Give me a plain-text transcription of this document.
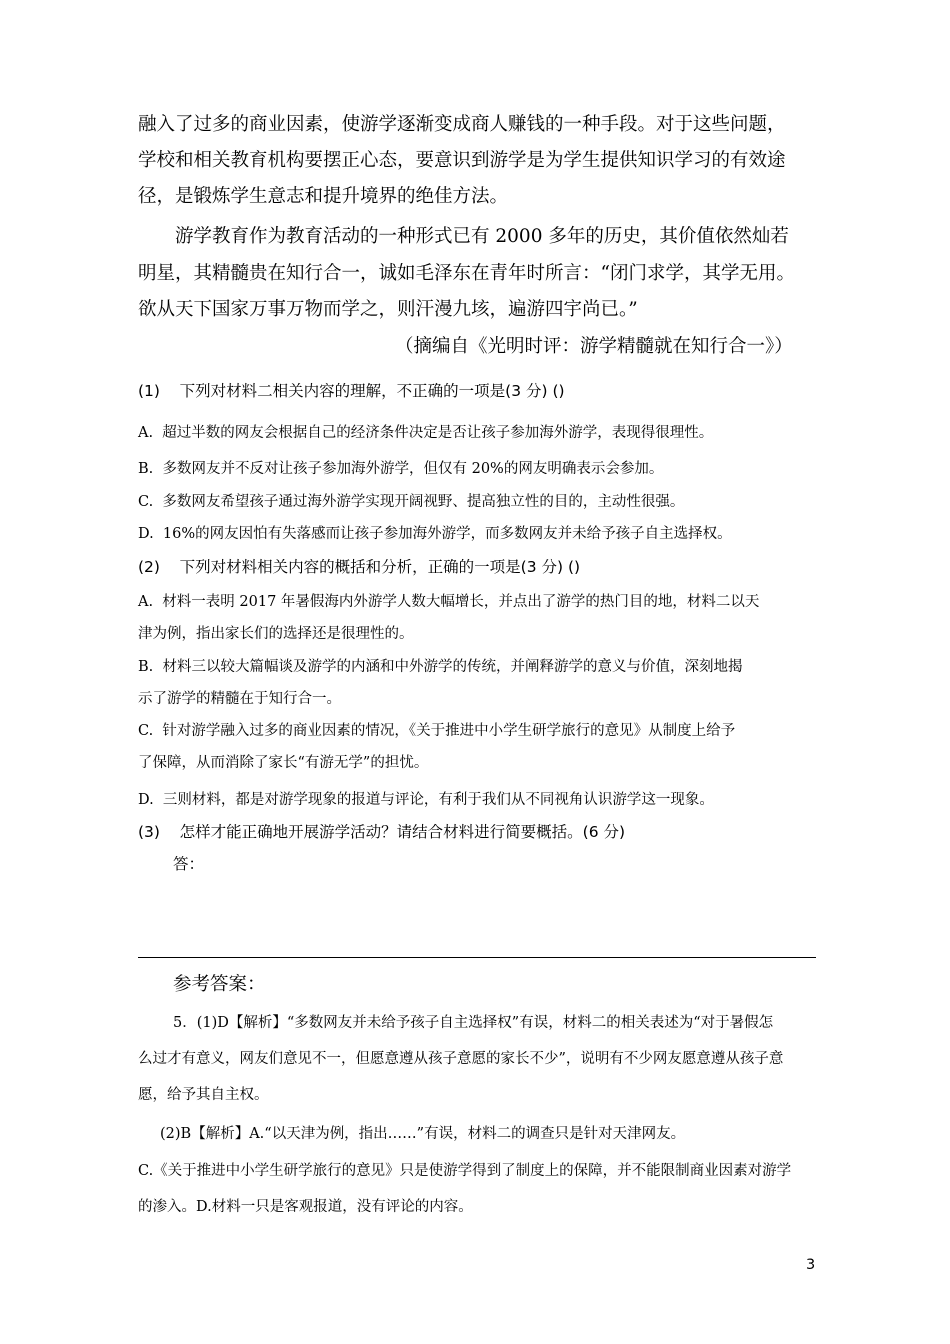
融入了过多的商业因素，使游学逐渐变成商人赚钱的一种手段。对于这些问题，
学校和相关教育机构要摆正心态，要意识到游学是为学生提供知识学习的有效途
径，是锻炼学生意志和提升境界的绝佳方法。
游学教育作为教育活动的一种形式已有 2000 多年的历史，其价值依然灿若
明星，其精髓贵在知行合一，诚如毛泽东在青年时所言：“闭门求学，其学无用。
欲从天下国家万事万物而学之，则汗漫九垓，遍游四宇尚已。”
（摘编自《光明时评：游学精髓就在知行合一》）
(1)    下列对材料二相关内容的理解，不正确的一项是(3 分) ()
A.  超过半数的网友会根据自己的经济条件决定是否让孩子参加海外游学，表现得很理性。
B.  多数网友并不反对让孩子参加海外游学，但仅有 20%的网友明确表示会参加。
C.  多数网友希望孩子通过海外游学实现开阔视野、提高独立性的目的，主动性很强。
D.  16%的网友因怕有失落感而让孩子参加海外游学，而多数网友并未给予孩子自主选择权。
(2)    下列对材料相关内容的概括和分析，正确的一项是(3 分) ()
A.  材料一表明 2017 年暑假海内外游学人数大幅增长，并点出了游学的热门目的地，材料二以天
津为例，指出家长们的选择还是很理性的。
B.  材料三以较大篇幅谈及游学的内涵和中外游学的传统，并阐释游学的意义与价值，深刻地揭
示了游学的精髓在于知行合一。
C.  针对游学融入过多的商业因素的情况，《关于推进中小学生研学旅行的意见》从制度上给予
了保障，从而消除了家长“有游无学”的担忧。
D.  三则材料，都是对游学现象的报道与评论，有利于我们从不同视角认识游学这一现象。
(3)    怎样才能正确地开展游学活动？请结合材料进行简要概括。(6 分)
答：
参考答案：
5．(1)D【解析】“多数网友并未给予孩子自主选择权”有误，材料二的相关表述为“对于暑假怎
么过才有意义，网友们意见不一，但愿意遵从孩子意愿的家长不少”，说明有不少网友愿意遵从孩子意
愿，给予其自主权。
(2)B【解析】A.“以天津为例，指出……”有误，材料二的调查只是针对天津网友。
C.《关于推进中小学生研学旅行的意见》只是使游学得到了制度上的保障，并不能限制商业因素对游学
的渗入。D.材料一只是客观报道，没有评论的内容。
3
